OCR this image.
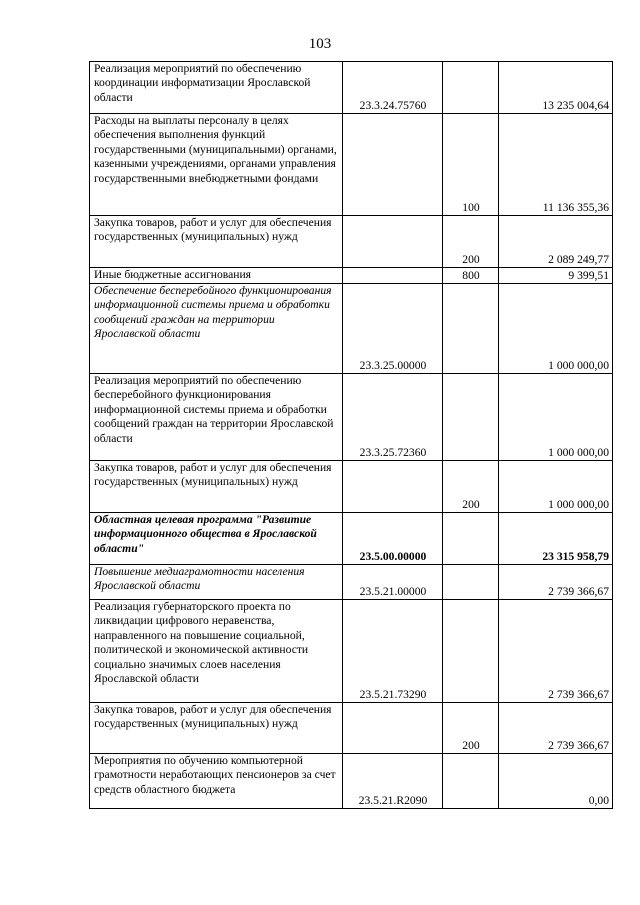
103
Реализация мероприятий по обеспечению координации информатизации Ярославской области	23.3.24.75760		13 235 004,64
Расходы на выплаты персоналу в целях обеспечения выполнения функций государственными (муниципальными) органами, казенными учреждениями, органами управления государственными внебюджетными фондами		100	11 136 355,36
Закупка товаров, работ и услуг для обеспечения государственных (муниципальных) нужд		200	2 089 249,77
Иные бюджетные ассигнования		800	9 399,51
Обеспечение бесперебойного функционирования информационной системы приема и обработки сообщений граждан на территории Ярославской области	23.3.25.00000		1 000 000,00
Реализация мероприятий по обеспечению бесперебойного функционирования информационной системы приема и обработки сообщений граждан на территории Ярославской области	23.3.25.72360		1 000 000,00
Закупка товаров, работ и услуг для обеспечения государственных (муниципальных) нужд		200	1 000 000,00
Областная целевая программа "Развитие информационного общества в Ярославской области"	23.5.00.00000		23 315 958,79
Повышение медиаграмотности населения Ярославской области	23.5.21.00000		2 739 366,67
Реализация губернаторского проекта по ликвидации цифрового неравенства, направленного на повышение социальной, политической и экономической активности социально значимых слоев населения Ярославской области	23.5.21.73290		2 739 366,67
Закупка товаров, работ и услуг для обеспечения государственных (муниципальных) нужд		200	2 739 366,67
Мероприятия по обучению компьютерной грамотности неработающих пенсионеров за счет средств областного бюджета	23.5.21.R2090		0,00
